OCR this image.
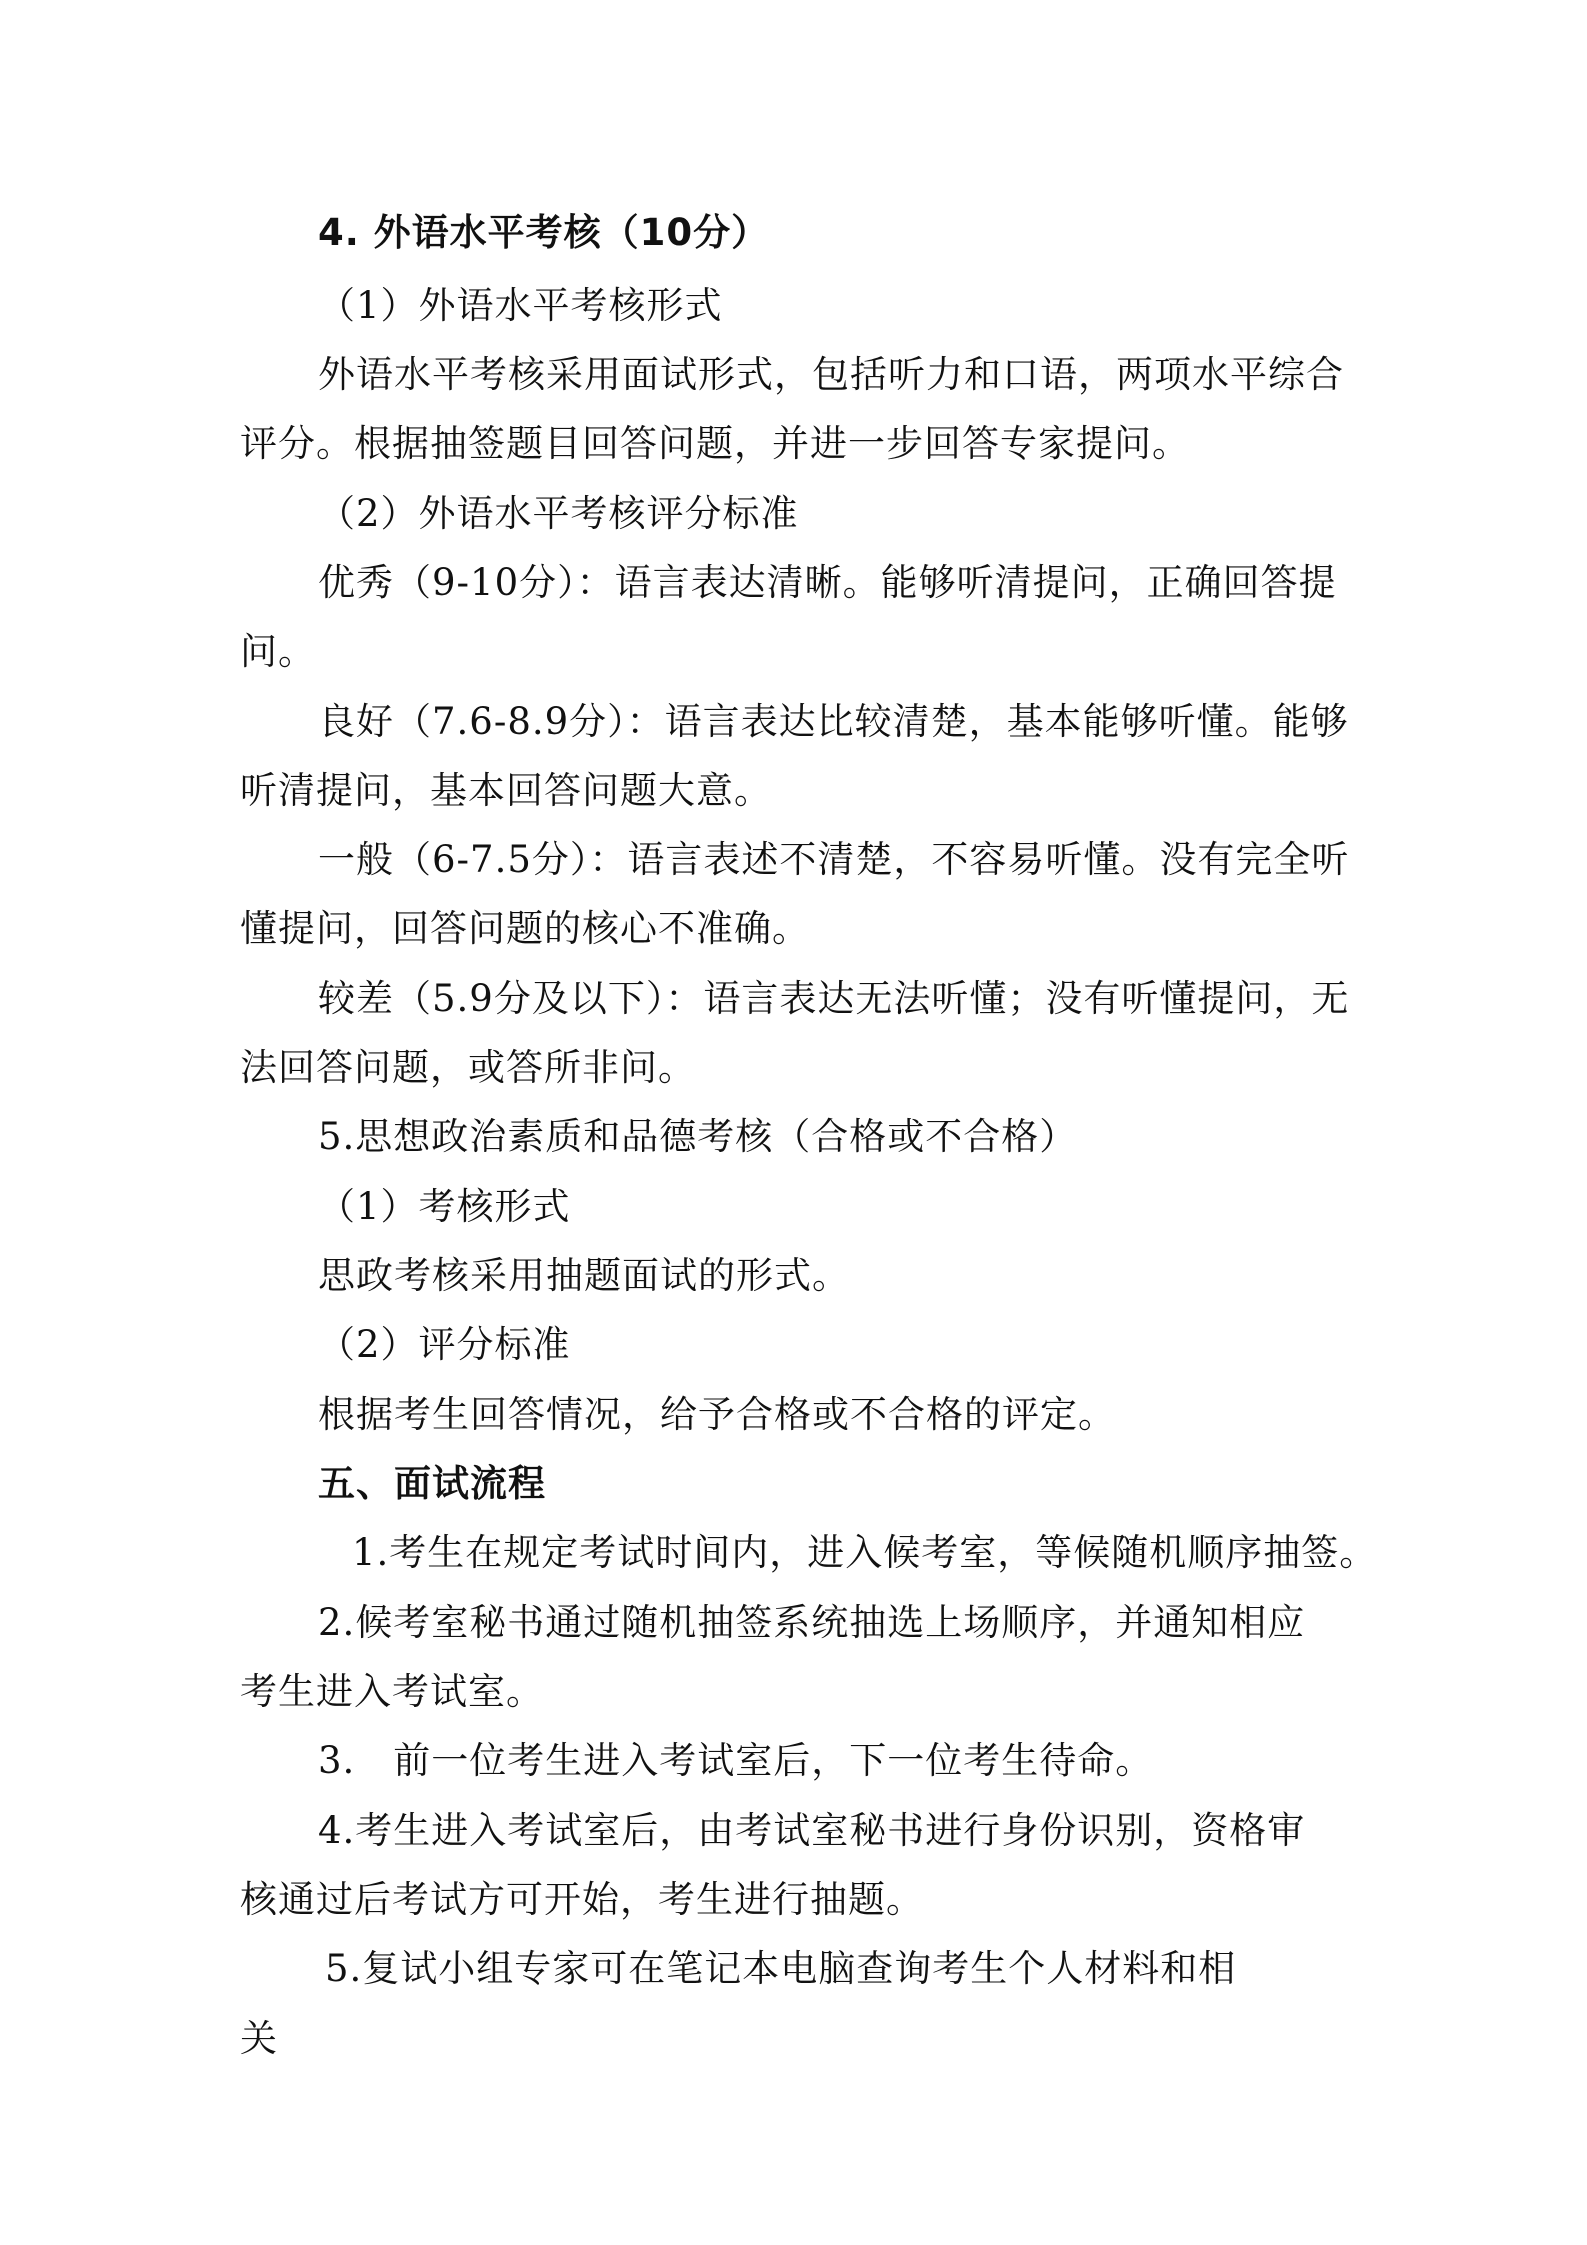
4. 外语水平考核（10分）
（1）外语水平考核形式
外语水平考核采用面试形式，包括听力和口语，两项水平综合
评分。根据抽签题目回答问题，并进一步回答专家提问。
（2）外语水平考核评分标准
优秀（9-10分）：语言表达清晰。能够听清提问，正确回答提
问。
良好（7.6-8.9分）：语言表达比较清楚，基本能够听懂。能够
听清提问，基本回答问题大意。
一般（6-7.5分）：语言表述不清楚，不容易听懂。没有完全听
懂提问，回答问题的核心不准确。
较差（5.9分及以下）：语言表达无法听懂；没有听懂提问，无
法回答问题，或答所非问。
5.思想政治素质和品德考核（合格或不合格）
（1）考核形式
思政考核采用抽题面试的形式。
（2）评分标准
根据考生回答情况，给予合格或不合格的评定。
五、面试流程
1.考生在规定考试时间内，进入候考室，等候随机顺序抽签。
2.候考室秘书通过随机抽签系统抽选上场顺序，并通知相应
考生进入考试室。
3.　前一位考生进入考试室后，下一位考生待命。
4.考生进入考试室后，由考试室秘书进行身份识别，资格审
核通过后考试方可开始，考生进行抽题。
5.复试小组专家可在笔记本电脑查询考生个人材料和相
关
